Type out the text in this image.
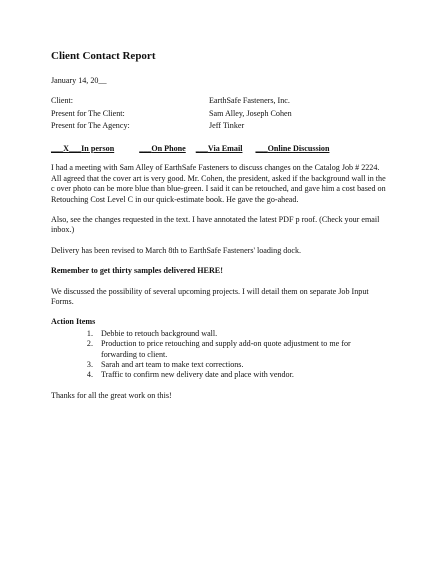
Client Contact Report
January 14, 20__
Client:	EarthSafe Fasteners, Inc.
Present for The Client:	Sam Alley, Joseph Cohen
Present for The Agency:	Jeff Tinker
___X___In person	___On Phone ___Via Email ___Online Discussion

I had a meeting with Sam Alley of EarthSafe Fasteners to discuss changes on the Catalog Job # 2224. All agreed that the cover art is very good. Mr. Cohen, the president, asked if the background wall in the c over photo can be more blue than blue-green. I said it can be retouched, and gave him a cost based on Retouching Cost Level C in our quick-estimate book. He gave the go-ahead.

Also, see the changes requested in the text. I have annotated the latest PDF p roof. (Check your email inbox.)

Delivery has been revised to March 8th to EarthSafe Fasteners' loading dock.

Remember to get thirty samples delivered HERE!

We discussed the possibility of several upcoming projects. I will detail them on separate Job Input Forms.

Action Items
1. Debbie to retouch background wall.
2. Production to price retouching and supply add-on quote adjustment to me for forwarding to client.
3. Sarah and art team to make text corrections.
4. Traffic to confirm new delivery date and place with vendor.

Thanks for all the great work on this!
